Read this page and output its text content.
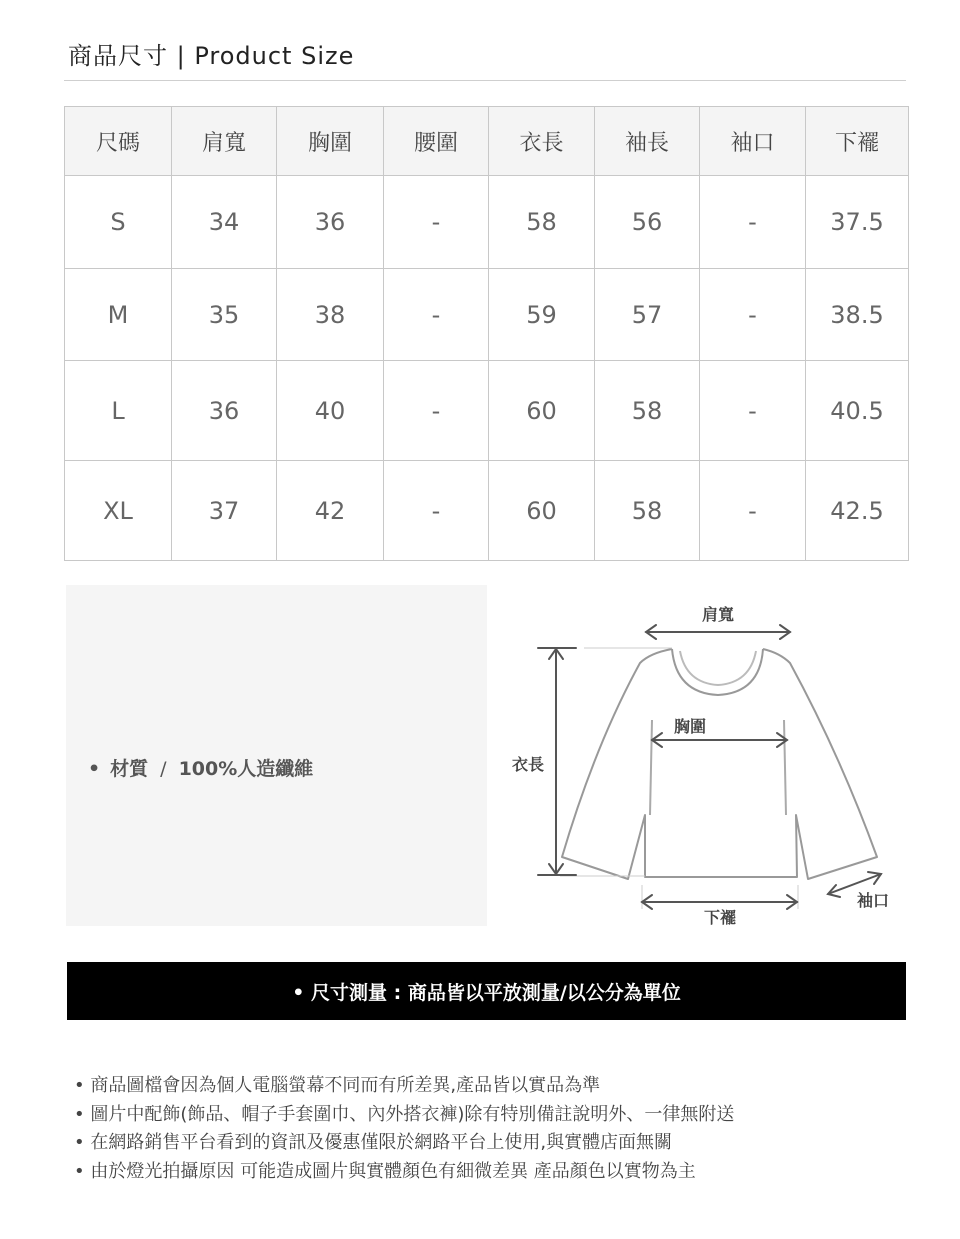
商品尺寸 | Product Size
尺碼	肩寬	胸圍	腰圍	衣長	袖長	袖口	下襬
S	34	36	-	58	56	-	37.5
M	35	38	-	59	57	-	38.5
L	36	40	-	60	58	-	40.5
XL	37	42	-	60	58	-	42.5
• 材質 / 100%人造纖維
肩寬
胸圍
衣長
下襬
袖口
• 尺寸測量 : 商品皆以平放測量/以公分為單位
• 商品圖檔會因為個人電腦螢幕不同而有所差異,產品皆以實品為準
• 圖片中配飾(飾品、帽子手套圍巾、內外搭衣褲)除有特別備註說明外、一律無附送
• 在網路銷售平台看到的資訊及優惠僅限於網路平台上使用,與實體店面無關
• 由於燈光拍攝原因 可能造成圖片與實體顏色有細微差異 產品顏色以實物為主
